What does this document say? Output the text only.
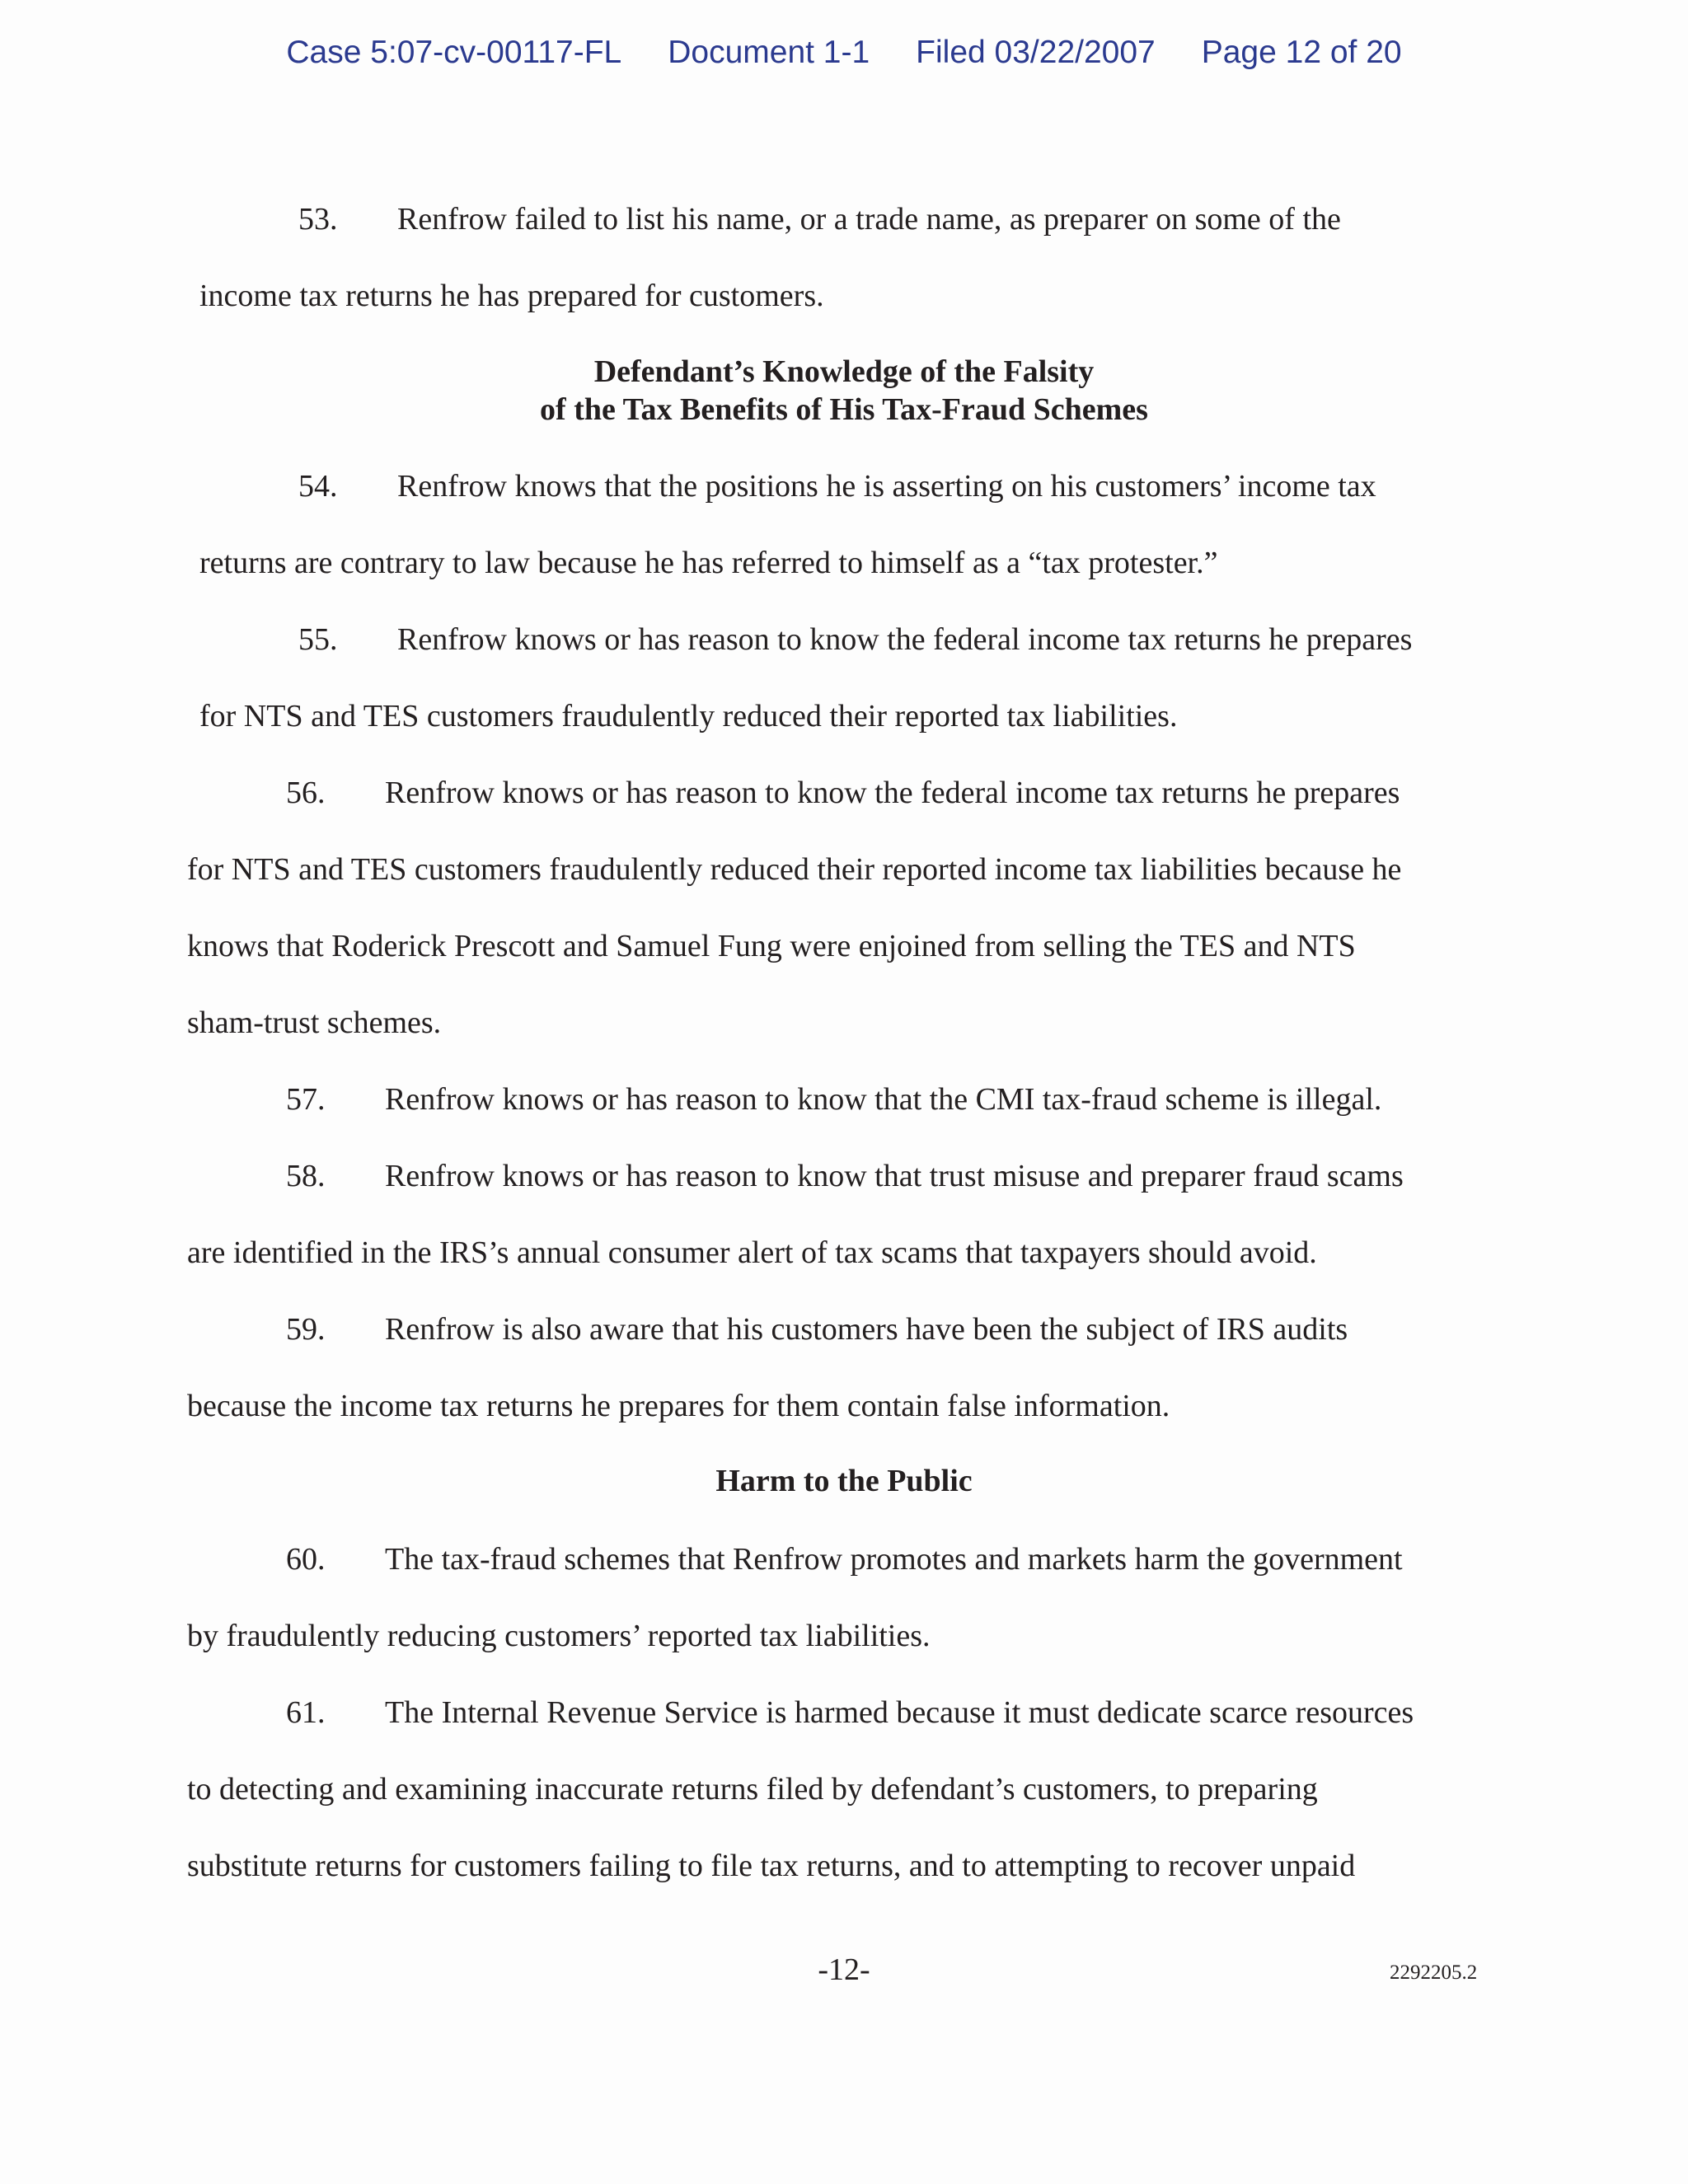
Case 5:07-cv-00117-FL Document 1-1 Filed 03/22/2007 Page 12 of 20
53. Renfrow failed to list his name, or a trade name, as preparer on some of the
income tax returns he has prepared for customers.
Defendant’s Knowledge of the Falsity
of the Tax Benefits of His Tax-Fraud Schemes
54. Renfrow knows that the positions he is asserting on his customers’ income tax
returns are contrary to law because he has referred to himself as a “tax protester.”
55. Renfrow knows or has reason to know the federal income tax returns he prepares
for NTS and TES customers fraudulently reduced their reported tax liabilities.
56. Renfrow knows or has reason to know the federal income tax returns he prepares
for NTS and TES customers fraudulently reduced their reported income tax liabilities because he
knows that Roderick Prescott and Samuel Fung were enjoined from selling the TES and NTS
sham-trust schemes.
57. Renfrow knows or has reason to know that the CMI tax-fraud scheme is illegal.
58. Renfrow knows or has reason to know that trust misuse and preparer fraud scams
are identified in the IRS’s annual consumer alert of tax scams that taxpayers should avoid.
59. Renfrow is also aware that his customers have been the subject of IRS audits
because the income tax returns he prepares for them contain false information.
Harm to the Public
60. The tax-fraud schemes that Renfrow promotes and markets harm the government
by fraudulently reducing customers’ reported tax liabilities.
61. The Internal Revenue Service is harmed because it must dedicate scarce resources
to detecting and examining inaccurate returns filed by defendant’s customers, to preparing
substitute returns for customers failing to file tax returns, and to attempting to recover unpaid
-12-	2292205.2
